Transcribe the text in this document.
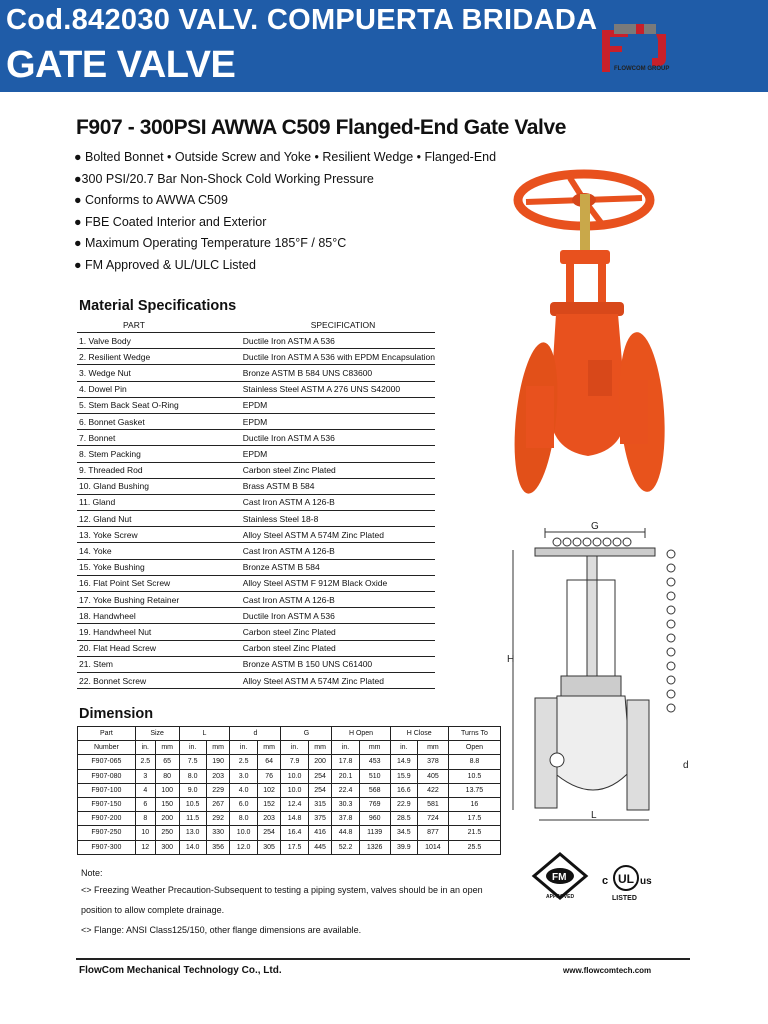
Cod.842030 VALV. COMPUERTA BRIDADA
GATE VALVE	FLOWCOM GROUP
F907 - 300PSI AWWA C509 Flanged-End Gate Valve
● Bolted Bonnet • Outside Screw and Yoke • Resilient Wedge • Flanged-End
●300 PSI/20.7 Bar Non-Shock Cold Working Pressure
● Conforms to AWWA C509
● FBE Coated Interior and Exterior
● Maximum Operating Temperature 185°F / 85°C
● FM Approved & UL/ULC Listed
Material Specifications
PART	SPECIFICATION
1. Valve Body	Ductile Iron ASTM A 536
2. Resilient Wedge	Ductile Iron ASTM A 536 with EPDM Encapsulation
3. Wedge Nut	Bronze ASTM B 584 UNS C83600
4. Dowel Pin	Stainless Steel ASTM A 276 UNS S42000
5. Stem Back Seat O-Ring	EPDM
6. Bonnet Gasket	EPDM
7. Bonnet	Ductile Iron ASTM A 536
8. Stem Packing	EPDM
9. Threaded Rod	Carbon steel Zinc Plated
10. Gland Bushing	Brass ASTM B 584
11. Gland	Cast Iron ASTM A 126-B
12. Gland Nut	Stainless Steel 18-8
13. Yoke Screw	Alloy Steel ASTM A 574M Zinc Plated
14. Yoke	Cast Iron ASTM A 126-B
15. Yoke Bushing	Bronze ASTM B 584
16. Flat Point Set Screw	Alloy Steel ASTM F 912M Black Oxide
17. Yoke Bushing Retainer	Cast Iron ASTM A 126-B
18. Handwheel	Ductile Iron ASTM A 536
19. Handwheel Nut	Carbon steel Zinc Plated
20. Flat Head Screw	Carbon steel Zinc Plated
21. Stem	Bronze ASTM B 150 UNS C61400
22. Bonnet Screw	Alloy Steel ASTM A 574M Zinc Plated
Dimension
Part	Size		L		d		G		H Open		H Close		Turns To
Number	in.	mm	in.	mm	in.	mm	in.	mm	in.	mm	in.	mm	Open
F907-065	2.5	65	7.5	190	2.5	64	7.9	200	17.8	453	14.9	378	8.8
F907-080	3	80	8.0	203	3.0	76	10.0	254	20.1	510	15.9	405	10.5
F907-100	4	100	9.0	229	4.0	102	10.0	254	22.4	568	16.6	422	13.75
F907-150	6	150	10.5	267	6.0	152	12.4	315	30.3	769	22.9	581	16
F907-200	8	200	11.5	292	8.0	203	14.8	375	37.8	960	28.5	724	17.5
F907-250	10	250	13.0	330	10.0	254	16.4	416	44.8	1139	34.5	877	21.5
F907-300	12	300	14.0	356	12.0	305	17.5	445	52.2	1326	39.9	1014	25.5
Note:
<> Freezing Weather Precaution-Subsequent to testing a piping system, valves should be in an open
position to allow complete drainage.
<> Flange: ANSI Class125/150, other flange dimensions are available.
G
H
L
d
FM
APPROVED
c UL us
LISTED
FlowCom Mechanical Technology Co., Ltd.	www.flowcomtech.com
